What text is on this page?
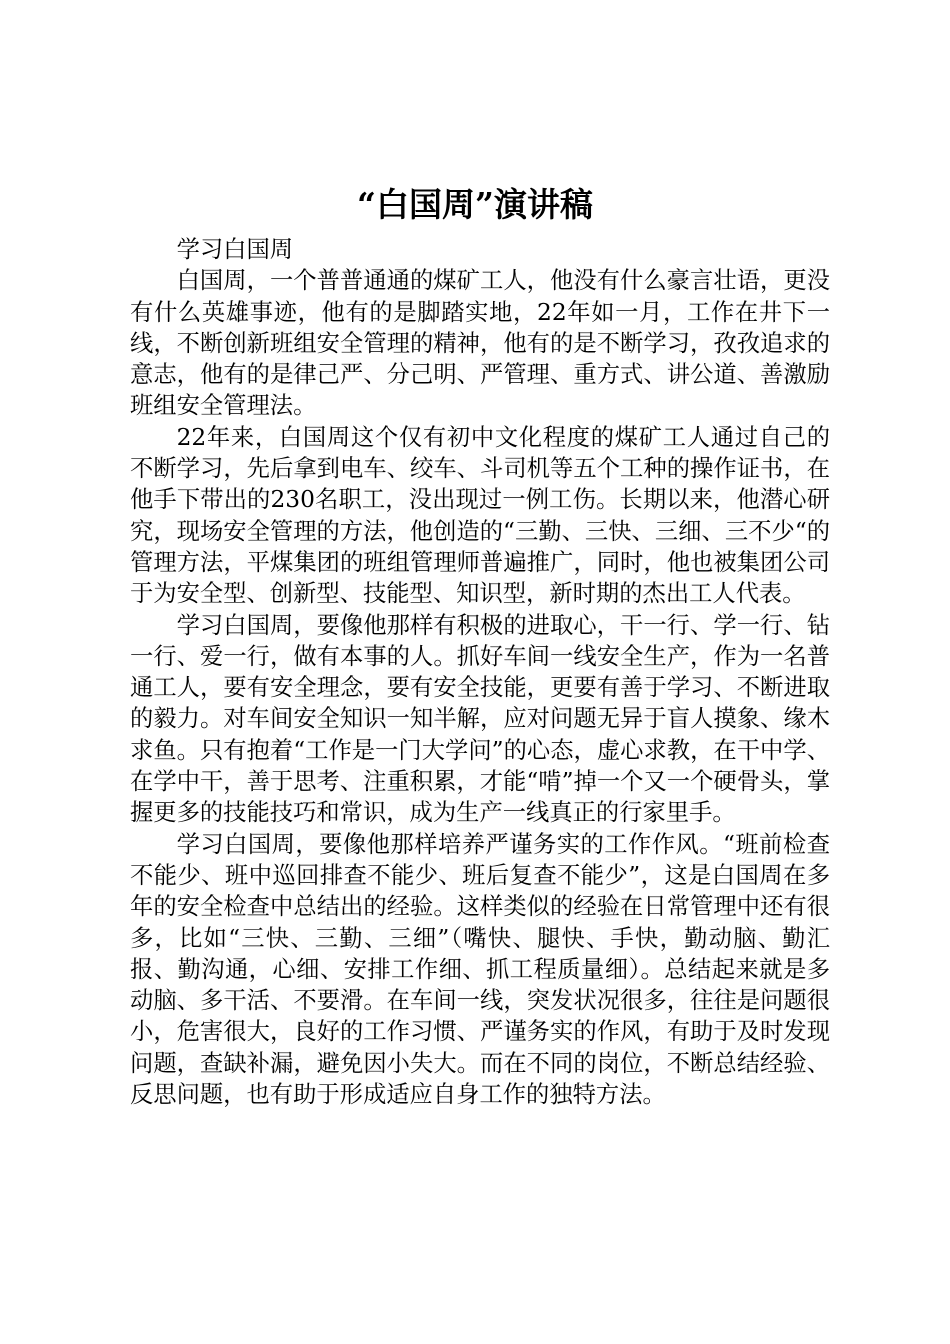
“白国周”演讲稿

学习白国周

白国周，一个普普通通的煤矿工人，他没有什么豪言壮语，更没有什么英雄事迹，他有的是脚踏实地，22年如一月，工作在井下一线，不断创新班组安全管理的精神，他有的是不断学习，孜孜追求的意志，他有的是律己严、分己明、严管理、重方式、讲公道、善激励班组安全管理法。

22年来，白国周这个仅有初中文化程度的煤矿工人通过自己的不断学习，先后拿到电车、绞车、斗司机等五个工种的操作证书，在他手下带出的230名职工，没出现过一例工伤。长期以来，他潜心研究，现场安全管理的方法，他创造的“三勤、三快、三细、三不少“的管理方法，平煤集团的班组管理师普遍推广，同时，他也被集团公司于为安全型、创新型、技能型、知识型，新时期的杰出工人代表。

学习白国周，要像他那样有积极的进取心，干一行、学一行、钻一行、爱一行，做有本事的人。抓好车间一线安全生产，作为一名普通工人，要有安全理念，要有安全技能，更要有善于学习、不断进取的毅力。对车间安全知识一知半解，应对问题无异于盲人摸象、缘木求鱼。只有抱着“工作是一门大学问”的心态，虚心求教，在干中学、在学中干，善于思考、注重积累，才能“啃”掉一个又一个硬骨头，掌握更多的技能技巧和常识，成为生产一线真正的行家里手。

学习白国周，要像他那样培养严谨务实的工作作风。“班前检查不能少、班中巡回排查不能少、班后复查不能少”，这是白国周在多年的安全检查中总结出的经验。这样类似的经验在日常管理中还有很多，比如“三快、三勤、三细”（嘴快、腿快、手快，勤动脑、勤汇报、勤沟通，心细、安排工作细、抓工程质量细）。总结起来就是多动脑、多干活、不要滑。在车间一线，突发状况很多，往往是问题很小，危害很大，良好的工作习惯、严谨务实的作风，有助于及时发现问题，查缺补漏，避免因小失大。而在不同的岗位，不断总结经验、反思问题，也有助于形成适应自身工作的独特方法。
